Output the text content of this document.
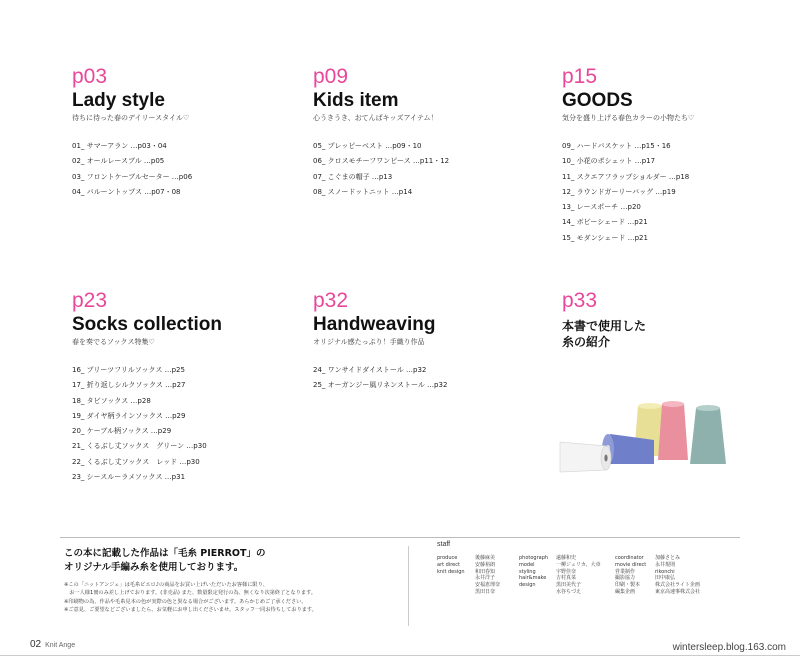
p03
Lady style
待ちに待った春のデイリースタイル♡
01_ サマーアラン …p03・04
02_ オールレースブル …p05
03_ フロントケーブルセーター …p06
04_ バルーントップス …p07・08
p09
Kids item
心うきうき、おてんばキッズアイテム！
05_ プレッピーベスト …p09・10
06_ クロスモチーフワンピース …p11・12
07_ こぐまの帽子 …p13
08_ スノードットニット …p14
p15
GOODS
気分を盛り上げる春色カラーの小物たち♡
09_ ハードバスケット …p15・16
10_ 小花のポシェット …p17
11_ スクエアフラップショルダー …p18
12_ ラウンドガーリーバッグ …p19
13_ レースポーチ …p20
14_ ボビーシェード …p21
15_ モダンシェード …p21
p23
Socks collection
春を奏でるソックス特集♡
16_ プリーツフリルソックス …p25
17_ 折り返しシルクソックス …p27
18_ タビソックス …p28
19_ ダイヤ柄ラインソックス …p29
20_ ケーブル柄ソックス …p29
21_ くるぶし丈ソックス　グリーン …p30
22_ くるぶし丈ソックス　レッド …p30
23_ シースルーラメソックス …p31
p32
Handweaving
オリジナル感たっぷり！手織り作品
24_ ワンサイドダイストール …p32
25_ オーガンジー風リネンストール …p32
p33
本書で使用した
糸の紹介
この本に記載した作品は「毛糸 PIERROT」の
オリジナル手編み糸を使用しております。
※この「ニットアンジェ」は毛糸ピエロ♪の商品をお買い上げいただいたお客様に限り、
　お一人様1冊のみ差し上げております。(非売品) また、数量限定発行の為、無くなり次第終了となります。
※印刷物の為、作品や毛糸見本の色が実際の色と異なる場合がございます。あらかじめご了承ください。
※ご意見、ご要望などございましたら、お気軽にお申し出くださいませ。スタッフ一同お待ちしております。
staff
produce
art direct
knit design
後藤麻美
安藤裕朗
和田春知
永井洋子
安福恵理奈
黒田日奈
photograph
model
styling
hair&make
design
遠藤和史
一柳ジュリカ、大章
宇野佳奈
吉村真菜
黒田美代子
水谷ちづえ
coordinator
movie direct
営業制作
撮影協力
印刷・製本
編集企画
加藤さとみ
永井規則
rikonchi
田中康弘
株式会社ライト企画
東京高速事株式会社
02 Knit Ange	wintersleep.blog.163.com
